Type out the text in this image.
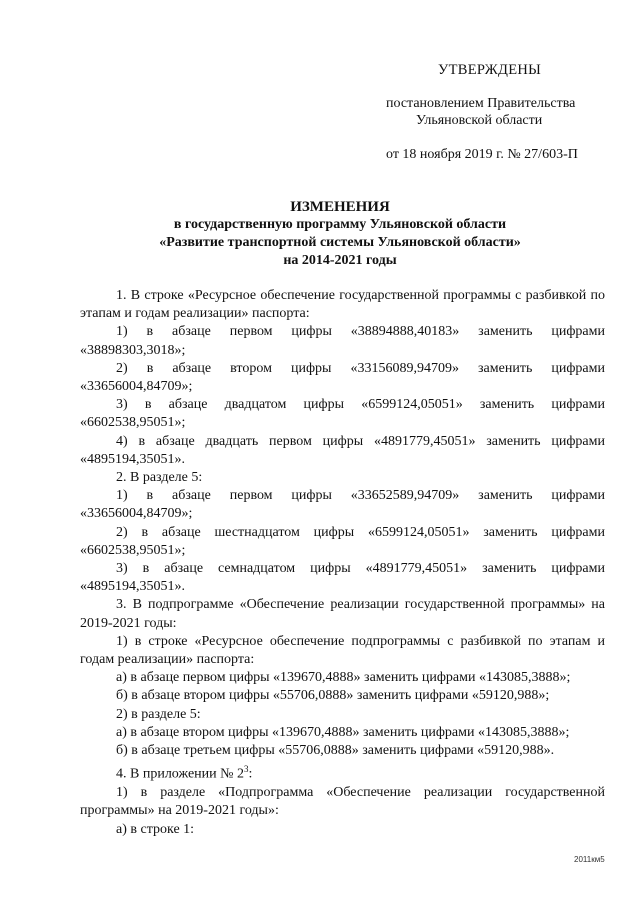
УТВЕРЖДЕНЫ
постановлением Правительства
Ульяновской области
от 18 ноября 2019 г. № 27/603-П
ИЗМЕНЕНИЯ
в государственную программу Ульяновской области
«Развитие транспортной системы Ульяновской области»
на 2014-2021 годы

1. В строке «Ресурсное обеспечение государственной программы с разбивкой по этапам и годам реализации» паспорта:

1) в абзаце первом цифры «38894888,40183» заменить цифрами «38898303,3018»;

2) в абзаце втором цифры «33156089,94709» заменить цифрами «33656004,84709»;

3) в абзаце двадцатом цифры «6599124,05051» заменить цифрами «6602538,95051»;

4) в абзаце двадцать первом цифры «4891779,45051» заменить цифрами «4895194,35051».

2. В разделе 5:

1) в абзаце первом цифры «33652589,94709» заменить цифрами «33656004,84709»;

2) в абзаце шестнадцатом цифры «6599124,05051» заменить цифрами «6602538,95051»;

3) в абзаце семнадцатом цифры «4891779,45051» заменить цифрами «4895194,35051».

3. В подпрограмме «Обеспечение реализации государственной программы» на 2019-2021 годы:

1) в строке «Ресурсное обеспечение подпрограммы с разбивкой по этапам и годам реализации» паспорта:

а) в абзаце первом цифры «139670,4888» заменить цифрами «143085,3888»;

б) в абзаце втором цифры «55706,0888» заменить цифрами «59120,988»;

2) в разделе 5:

а) в абзаце втором цифры «139670,4888» заменить цифрами «143085,3888»;

б) в абзаце третьем цифры «55706,0888» заменить цифрами «59120,988».

4. В приложении № $2^3$:

1) в разделе «Подпрограмма «Обеспечение реализации государственной программы» на 2019-2021 годы»:

а) в строке 1:

2011км5
